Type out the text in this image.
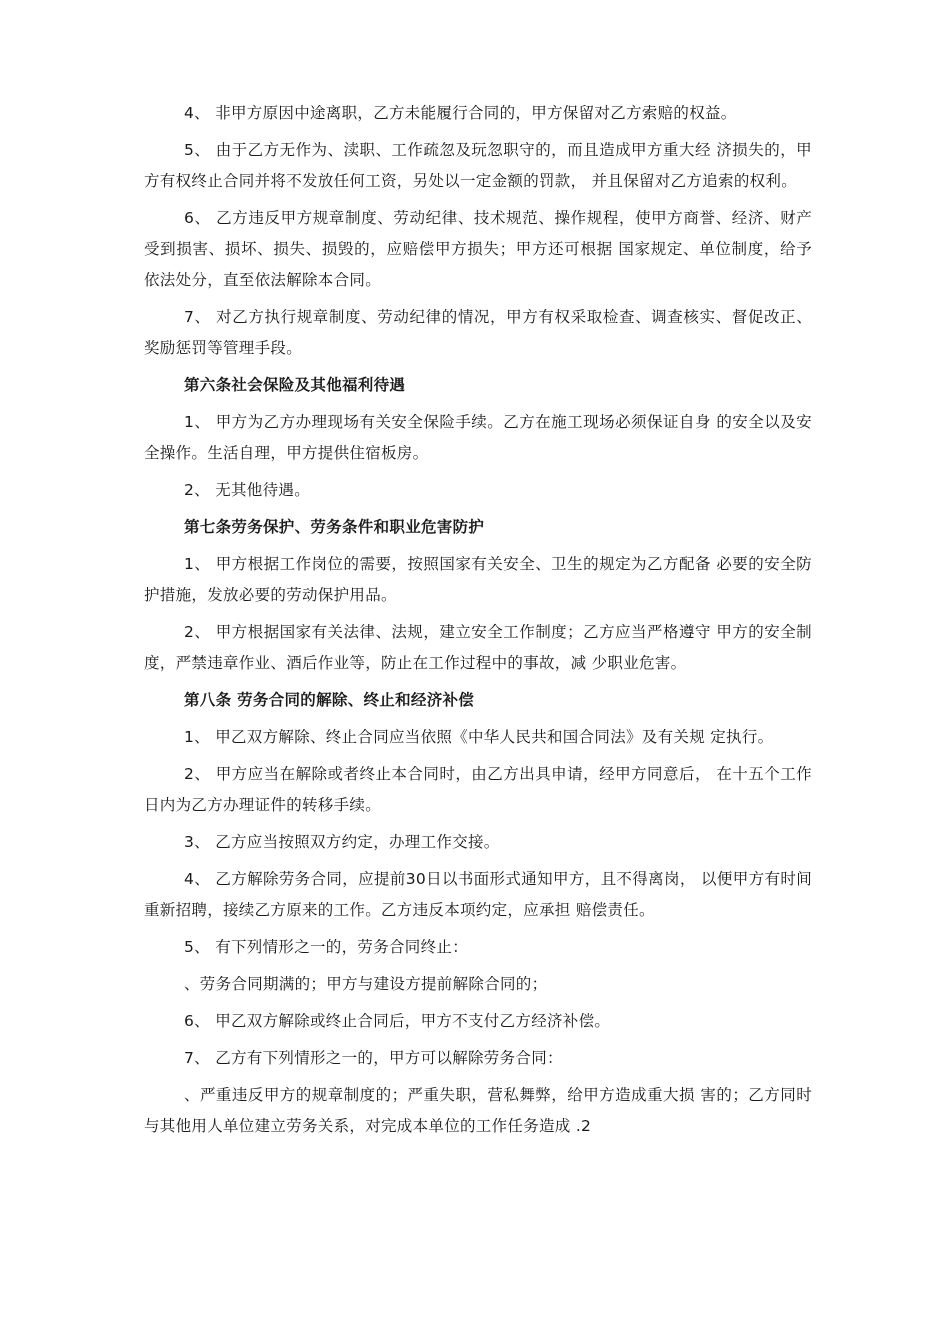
4、 非甲方原因中途离职，乙方未能履行合同的，甲方保留对乙方索赔的权益。

5、 由于乙方无作为、渎职、工作疏忽及玩忽职守的，而且造成甲方重大经 济损失的，甲方有权终止合同并将不发放任何工资，另处以一定金额的罚款， 并且保留对乙方追索的权利。

6、 乙方违反甲方规章制度、劳动纪律、技术规范、操作规程，使甲方商誉、经济、财产受到损害、损坏、损失、损毁的，应赔偿甲方损失；甲方还可根据 国家规定、单位制度，给予依法处分，直至依法解除本合同。

7、 对乙方执行规章制度、劳动纪律的情况，甲方有权采取检查、调查核实、督促改正、奖励惩罚等管理手段。

第六条社会保险及其他福利待遇

1、 甲方为乙方办理现场有关安全保险手续。乙方在施工现场必须保证自身 的安全以及安全操作。生活自理，甲方提供住宿板房。

2、 无其他待遇。

第七条劳务保护、劳务条件和职业危害防护

1、 甲方根据工作岗位的需要，按照国家有关安全、卫生的规定为乙方配备 必要的安全防护措施，发放必要的劳动保护用品。

2、 甲方根据国家有关法律、法规，建立安全工作制度；乙方应当严格遵守 甲方的安全制度，严禁违章作业、酒后作业等，防止在工作过程中的事故，减 少职业危害。

第八条 劳务合同的解除、终止和经济补偿

1、 甲乙双方解除、终止合同应当依照《中华人民共和国合同法》及有关规 定执行。

2、 甲方应当在解除或者终止本合同时，由乙方出具申请，经甲方同意后， 在十五个工作日内为乙方办理证件的转移手续。

3、 乙方应当按照双方约定，办理工作交接。

4、 乙方解除劳务合同，应提前30日以书面形式通知甲方，且不得离岗， 以便甲方有时间重新招聘，接续乙方原来的工作。乙方违反本项约定，应承担 赔偿责任。

5、 有下列情形之一的，劳务合同终止：

、劳务合同期满的；甲方与建设方提前解除合同的；

6、 甲乙双方解除或终止合同后，甲方不支付乙方经济补偿。

7、 乙方有下列情形之一的，甲方可以解除劳务合同：

、严重违反甲方的规章制度的；严重失职，营私舞弊，给甲方造成重大损 害的；乙方同时与其他用人单位建立劳务关系，对完成本单位的工作任务造成 .2
